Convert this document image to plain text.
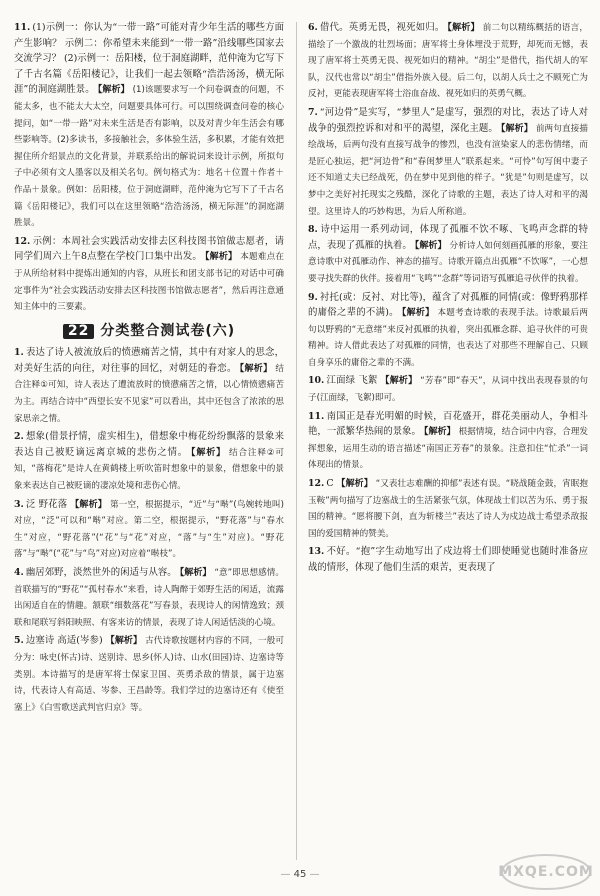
11. (1)示例一：你认为“一带一路”可能对青少年生活的哪些方面产生影响？ 示例二：你希望未来能到“一带一路”沿线哪些国家去交流学习？ (2)示例一：岳阳楼，位于洞庭湖畔，范仲淹为它写下了千古名篇《岳阳楼记》，让我们一起去领略“浩浩汤汤，横无际涯”的洞庭湖胜景。 【解析】 (1)该题要求写一个问卷调查的问题，不能太多，也不能太大太空，问题要具体可行。可以围绕调查问卷的核心提问，如“一带一路”对未来生活是否有影响，以及对青少年生活会有哪些影响等。(2)多读书，多接触社会，多体验生活，多积累，才能有效把握住所介绍景点的文化背景，并联系给出的解说词来设计示例，所拟句子中必须有文人墨客以及相关名句。例句格式为：地名＋位置＋作者＋作品＋景象。例如：岳阳楼，位于洞庭湖畔，范仲淹为它写下了千古名篇《岳阳楼记》，我们可以在这里领略“浩浩汤汤，横无际涯”的洞庭湖胜景。

12. 示例：本周社会实践活动安排去区科技图书馆做志愿者，请同学们周六上午8点整在学校门口集中出发。 【解析】 本题难点在于从所给材料中提炼出通知的内容，从班长和团支部书记的对话中可确定事件为“社会实践活动安排去区科技图书馆做志愿者”，然后再注意通知主体中的三要素。

22 分类整合测试卷(六)

1. 表达了诗人被流放后的愤懑痛苦之情，其中有对家人的思念，对美好生活的向往，对往事的回忆，对朝廷的眷恋。 【解析】 结合注释①可知，诗人表达了遭流放时的愤懑痛苦之情，以心情愤懑痛苦为主。再结合诗中“西望长安不见家”可以看出，其中还包含了浓浓的思家思亲之情。

2. 想象(借景抒情，虚实相生)，借想象中梅花纷纷飘落的景象来表达自己被贬谪远离京城的悲伤之情。 【解析】 结合注释②可知，“落梅花”是诗人在黄鹤楼上听吹笛时想象中的景象，借想象中的景象来表达自己被贬谪的凄凉处境和悲伤心情。

3. 泛 野花落 【解析】 第一空，根据提示，“近”与“啭”(鸟婉转地叫)对应，“泛”可以和“啭”对应。第二空，根据提示，“野花落”与“春水生”对应，“野花落”(“花”与“花”对应，“落”与“生”对应)。“野花落”与“啭”(“花”与“鸟”对应)对应着“啭枝”。

4. 幽居郊野，淡然世外的闲适与从容。 【解析】 “意”即思想感情。首联描写的“野花”“孤村春水”来看，诗人陶醉于郊野生活的闲适，流露出闲适自在的情趣。颔联“细数落花”写春景，表现诗人的闲情逸致；颈联和尾联写斜阳映照、有客来访的情景，表现了诗人闲适恬淡的心境。

5. 边塞诗 高适(岑参) 【解析】 古代诗歌按题材内容的不同，一般可分为：咏史(怀古)诗、送别诗、思乡(怀人)诗、山水(田园)诗、边塞诗等类别。本诗描写的是唐军将士保家卫国、英勇杀敌的情景，属于边塞诗，代表诗人有高适、岑参、王昌龄等。我们学过的边塞诗还有《使至塞上》《白雪歌送武判官归京》等。

6. 借代。英勇无畏，视死如归。 【解析】 前二句以精练概括的语言，描绘了一个激战的壮烈场面；唐军将士身体埋没于荒野，却死而无憾，表现了唐军将士英勇无畏、视死如归的精神。“胡尘”是借代，指代胡人的军队，汉代也常以“胡尘”借指外族入侵。后二句，以胡人兵士之不顾死亡为反衬，更能表现唐军将士浴血奋战、视死如归的英勇气概。

7. “河边骨”是实写，“梦里人”是虚写，强烈的对比，表达了诗人对战争的强烈控诉和对和平的渴望，深化主题。 【解析】 前两句直接描绘战场，后两句没有直接写战争的惨烈，也没有渲染家人的悲伤情绪，而是匠心独运，把“河边骨”和“春闺梦里人”联系起来。“可怜”句写闺中妻子还不知道丈夫已经战死，仍在梦中见到他的样子。“犹是”句则是虚写，以梦中之美好衬托现实之残酷，深化了诗歌的主题，表达了诗人对和平的渴望。这里诗人的巧妙构思，为后人所称道。

8. 诗中运用一系列动词，体现了孤雁不饮不啄、飞鸣声念群的特点，表现了孤雁的执着。 【解析】 分析诗人如何刻画孤雁的形象，要注意诗歌中对孤雁动作、神态的描写。诗歌开篇点出孤雁“不饮啄”，一心想要寻找失群的伙伴。接着用“飞鸣”“念群”等词语写孤雁追寻伙伴的执着。

9. 衬托(或：反衬、对比等)，蕴含了对孤雁的同情(或：像野鸦那样的庸俗之辈的不满)。 【解析】 本题考查诗歌的表现手法。诗歌最后两句以野鸦的“无意绪”来反衬孤雁的执着，突出孤雁念群、追寻伙伴的可贵精神。诗人借此表达了对孤雁的同情，也表达了对那些不理解自己、只顾自身享乐的庸俗之辈的不满。

10. 江面绿 飞絮 【解析】 “芳春”即“春天”，从词中找出表现春景的句子(江面绿，飞絮)即可。

11. 南国正是春光明媚的时候，百花盛开，群花美丽动人，争相斗艳，一派繁华热闹的景象。 【解析】 根据情境，结合词中内容，合理发挥想象，运用生动的语言描述“南国正芳春”的景象。注意扣住“忙杀”一词体现出的情景。

12. C 【解析】 “又表壮志难酬的抑郁”表述有误。“晓战随金鼓，宵眠抱玉鞍”两句描写了边塞战士的生活紧张气氛，体现战士们以苦为乐、勇于报国的精神。“愿将腰下剑，直为斩楼兰”表达了诗人为戍边战士希望杀敌报国的爱国精神的赞美。

13. 不好。“抱”字生动地写出了戍边将士们即使睡觉也随时准备应战的情形，体现了他们生活的艰苦，更表现了

— 45 —	MXQE.COM
